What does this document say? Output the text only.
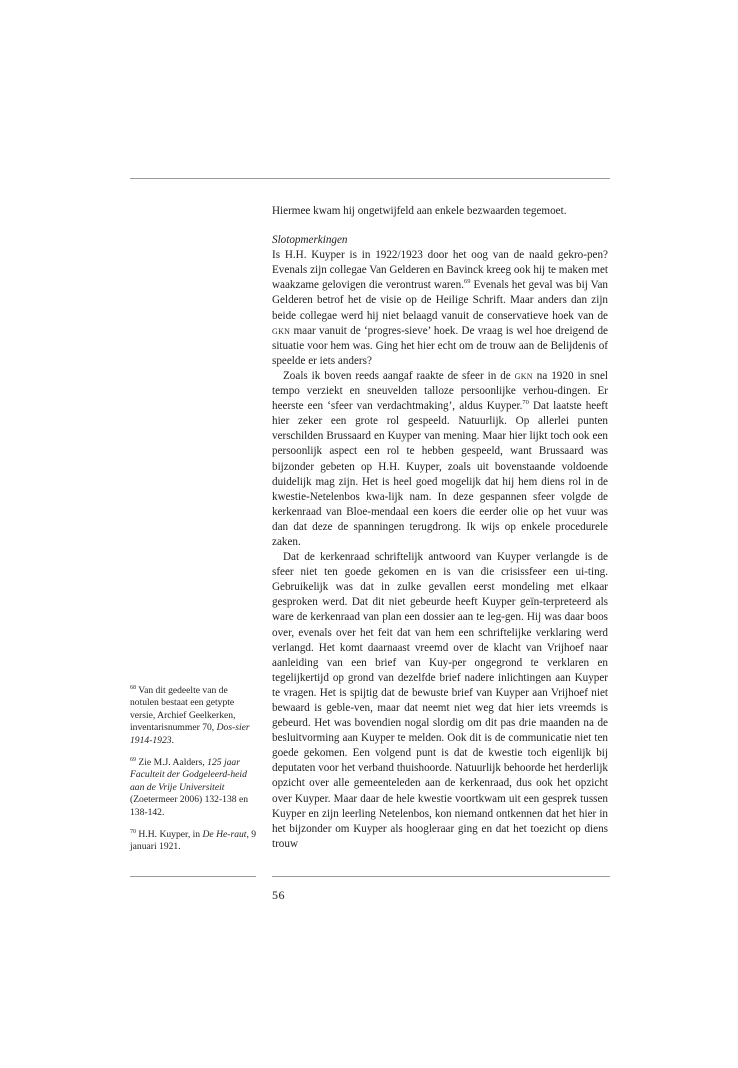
Hiermee kwam hij ongetwijfeld aan enkele bezwaarden tegemoet.

Slotopmerkingen

Is H.H. Kuyper is in 1922/1923 door het oog van de naald gekro-pen? Evenals zijn collegae Van Gelderen en Bavinck kreeg ook hij te maken met waakzame gelovigen die verontrust waren.$^{69}$ Evenals het geval was bij Van Gelderen betrof het de visie op de Heilige Schrift. Maar anders dan zijn beide collegae werd hij niet belaagd vanuit de conservatieve hoek van de gkn maar vanuit de ‘progres-sieve’ hoek. De vraag is wel hoe dreigend de situatie voor hem was. Ging het hier echt om de trouw aan de Belijdenis of speelde er iets anders?

Zoals ik boven reeds aangaf raakte de sfeer in de gkn na 1920 in snel tempo verziekt en sneuvelden talloze persoonlijke verhou-dingen. Er heerste een ‘sfeer van verdachtmaking’, aldus Kuyper.$^{70}$ Dat laatste heeft hier zeker een grote rol gespeeld. Natuurlijk. Op allerlei punten verschilden Brussaard en Kuyper van mening. Maar hier lijkt toch ook een persoonlijk aspect een rol te hebben gespeeld, want Brussaard was bijzonder gebeten op H.H. Kuyper, zoals uit bovenstaande voldoende duidelijk mag zijn. Het is heel goed mogelijk dat hij hem diens rol in de kwestie-Netelenbos kwa-lijk nam. In deze gespannen sfeer volgde de kerkenraad van Bloe-mendaal een koers die eerder olie op het vuur was dan dat deze de spanningen terugdrong. Ik wijs op enkele procedurele zaken.

Dat de kerkenraad schriftelijk antwoord van Kuyper verlangde is de sfeer niet ten goede gekomen en is van die crisissfeer een ui-ting. Gebruikelijk was dat in zulke gevallen eerst mondeling met elkaar gesproken werd. Dat dit niet gebeurde heeft Kuyper geïn-terpreteerd als ware de kerkenraad van plan een dossier aan te leg-gen. Hij was daar boos over, evenals over het feit dat van hem een schriftelijke verklaring werd verlangd. Het komt daarnaast vreemd over de klacht van Vrijhoef naar aanleiding van een brief van Kuy-per ongegrond te verklaren en tegelijkertijd op grond van dezelfde brief nadere inlichtingen aan Kuyper te vragen. Het is spijtig dat de bewuste brief van Kuyper aan Vrijhoef niet bewaard is geble-ven, maar dat neemt niet weg dat hier iets vreemds is gebeurd. Het was bovendien nogal slordig om dit pas drie maanden na de besluitvorming aan Kuyper te melden. Ook dit is de communicatie niet ten goede gekomen. Een volgend punt is dat de kwestie toch eigenlijk bij deputaten voor het verband thuishoorde. Natuurlijk behoorde het herderlijk opzicht over alle gemeenteleden aan de kerkenraad, dus ook het opzicht over Kuyper. Maar daar de hele kwestie voortkwam uit een gesprek tussen Kuyper en zijn leerling Netelenbos, kon niemand ontkennen dat het hier in het bijzonder om Kuyper als hoogleraar ging en dat het toezicht op diens trouw

$^{68}$ Van dit gedeelte van de notulen bestaat een getypte versie, Archief Geelkerken, inventarisnummer 70, Dos-sier 1914-1923.

$^{69}$ Zie M.J. Aalders, 125 jaar Faculteit der Godgeleerd-heid aan de Vrije Universiteit (Zoetermeer 2006) 132-138 en 138-142.

$^{70}$ H.H. Kuyper, in De He-raut, 9 januari 1921.

56
